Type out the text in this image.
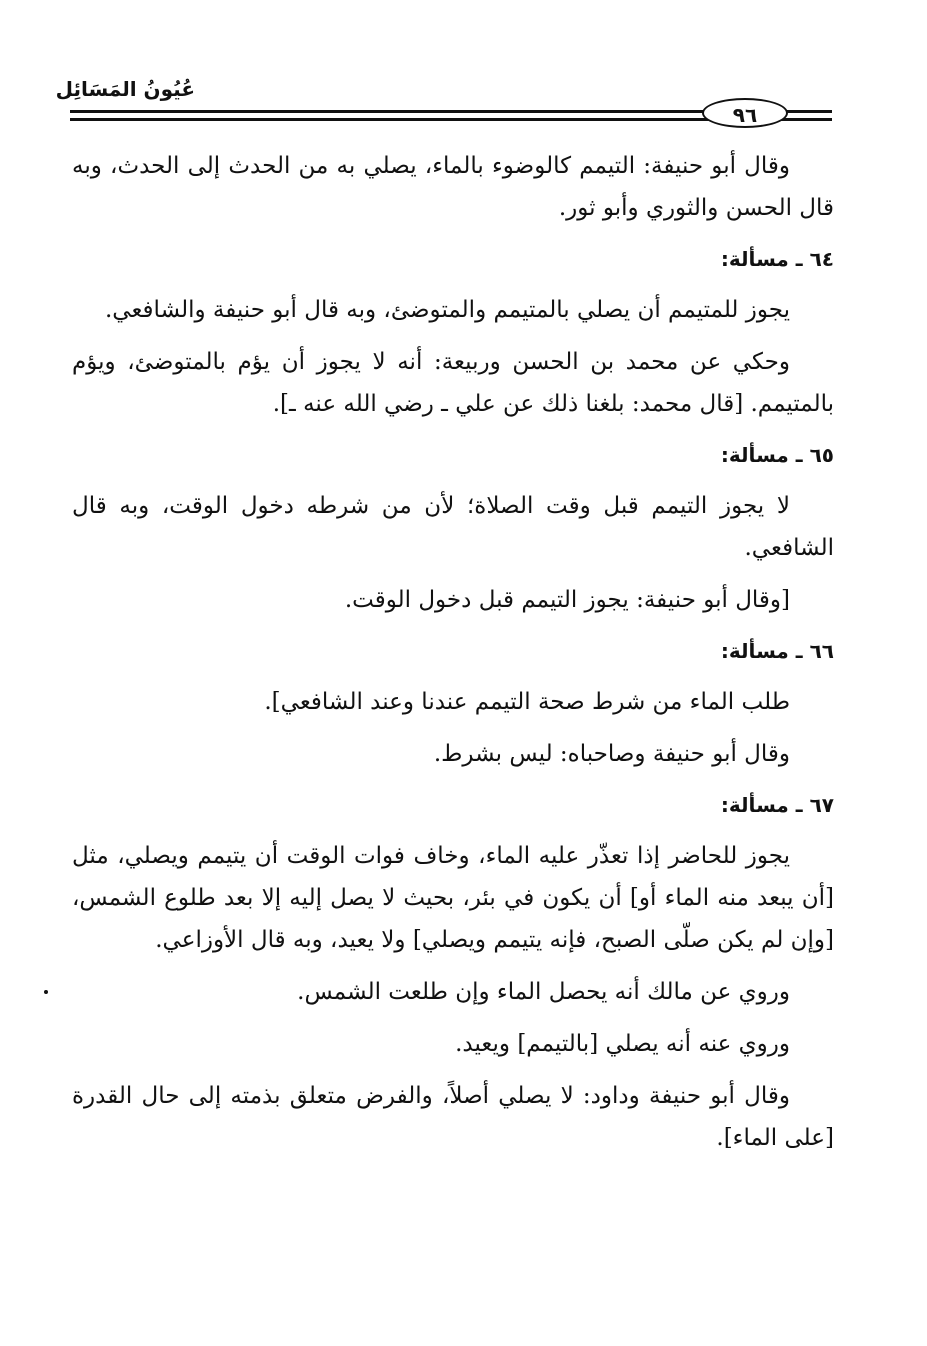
عُيُونُ المَسَائِل
٩٦

وقال أبو حنيفة: التيمم كالوضوء بالماء، يصلي به من الحدث إلى الحدث، وبه قال الحسن والثوري وأبو ثور.

٦٤ ـ مسألة:

يجوز للمتيمم أن يصلي بالمتيمم والمتوضئ، وبه قال أبو حنيفة والشافعي.

وحكي عن محمد بن الحسن وربيعة: أنه لا يجوز أن يؤم بالمتوضئ، ويؤم بالمتيمم. [قال محمد: بلغنا ذلك عن علي ـ رضي الله عنه ـ].

٦٥ ـ مسألة:

لا يجوز التيمم قبل وقت الصلاة؛ لأن من شرطه دخول الوقت، وبه قال الشافعي.

[وقال أبو حنيفة: يجوز التيمم قبل دخول الوقت.

٦٦ ـ مسألة:

طلب الماء من شرط صحة التيمم عندنا وعند الشافعي].

وقال أبو حنيفة وصاحباه: ليس بشرط.

٦٧ ـ مسألة:

يجوز للحاضر إذا تعذّر عليه الماء، وخاف فوات الوقت أن يتيمم ويصلي، مثل [أن يبعد منه الماء أو] أن يكون في بئر، بحيث لا يصل إليه إلا بعد طلوع الشمس، [وإن لم يكن صلّى الصبح، فإنه يتيمم ويصلي] ولا يعيد، وبه قال الأوزاعي.

وروي عن مالك أنه يحصل الماء وإن طلعت الشمس.

وروي عنه أنه يصلي [بالتيمم] ويعيد.

وقال أبو حنيفة وداود: لا يصلي أصلاً، والفرض متعلق بذمته إلى حال القدرة [على الماء].
